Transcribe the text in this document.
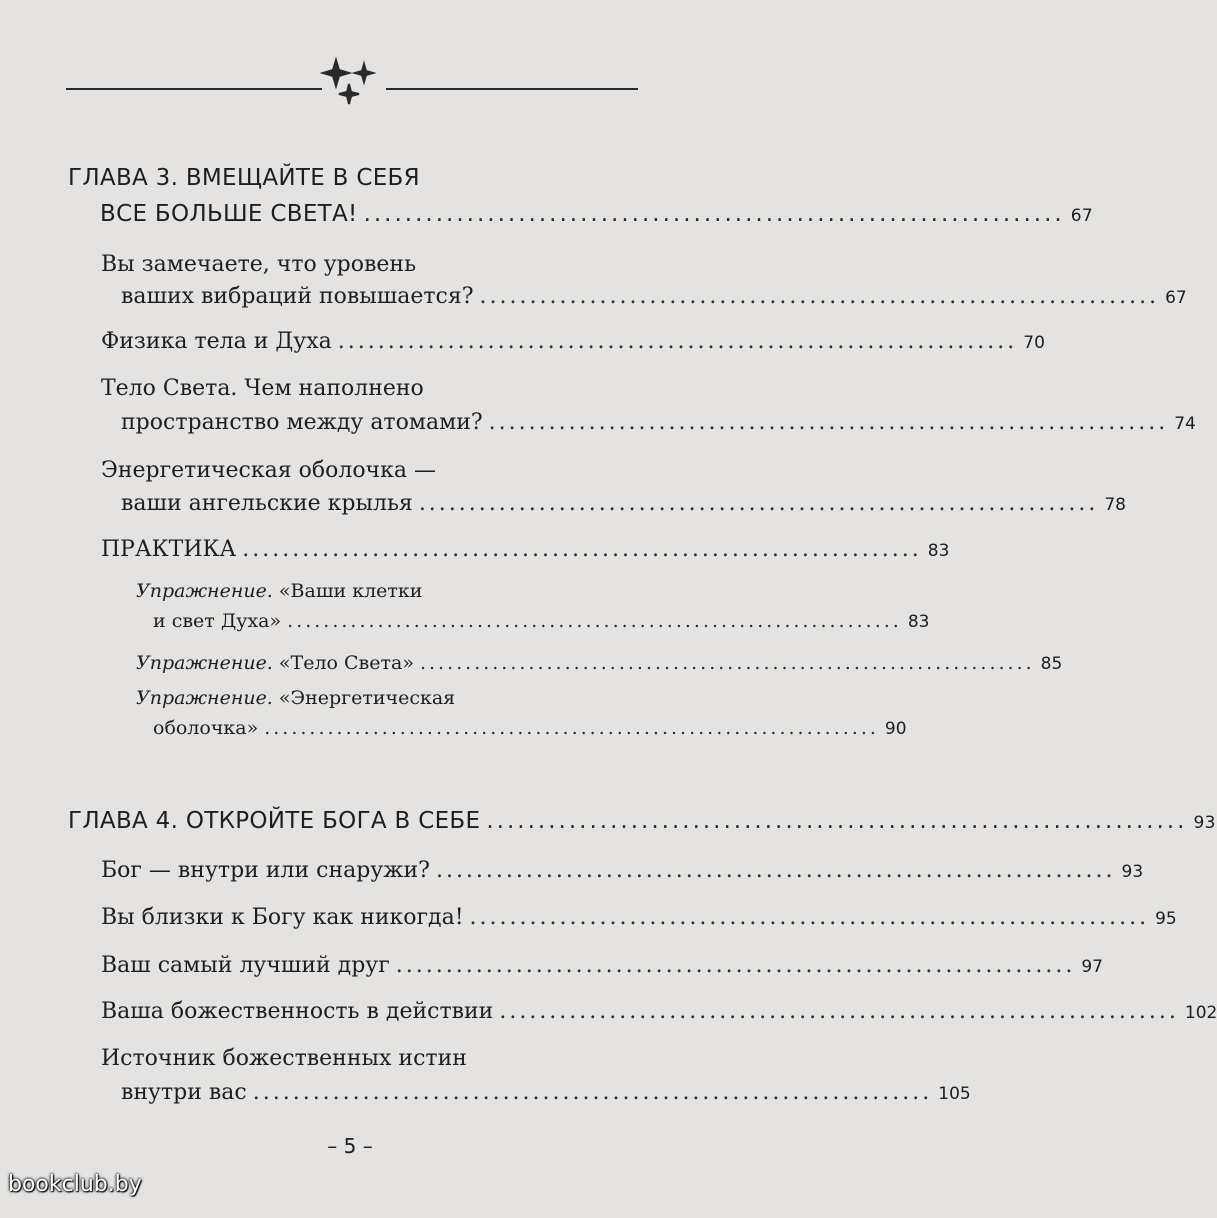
ГЛАВА 3. ВМЕЩАЙТЕ В СЕБЯ
ВСЕ БОЛЬШЕ СВЕТА! .................................................................... 67
Вы замечаете, что уровень
ваших вибраций повышается? .................................................................... 67
Физика тела и Духа .................................................................... 70
Тело Света. Чем наполнено
пространство между атомами? .................................................................... 74
Энергетическая оболочка —
ваши ангельские крылья .................................................................... 78
ПРАКТИКА .................................................................... 83
Упражнение. «Ваши клетки
и свет Духа» .................................................................... 83
Упражнение. «Тело Света» .................................................................... 85
Упражнение. «Энергетическая
оболочка» .................................................................... 90
ГЛАВА 4. ОТКРОЙТЕ БОГА В СЕБЕ .................................................................... 93
Бог — внутри или снаружи? .................................................................... 93
Вы близки к Богу как никогда! .................................................................... 95
Ваш самый лучший друг .................................................................... 97
Ваша божественность в действии .................................................................... 102
Источник божественных истин
внутри вас .................................................................... 105
– 5 –
bookclub.by
